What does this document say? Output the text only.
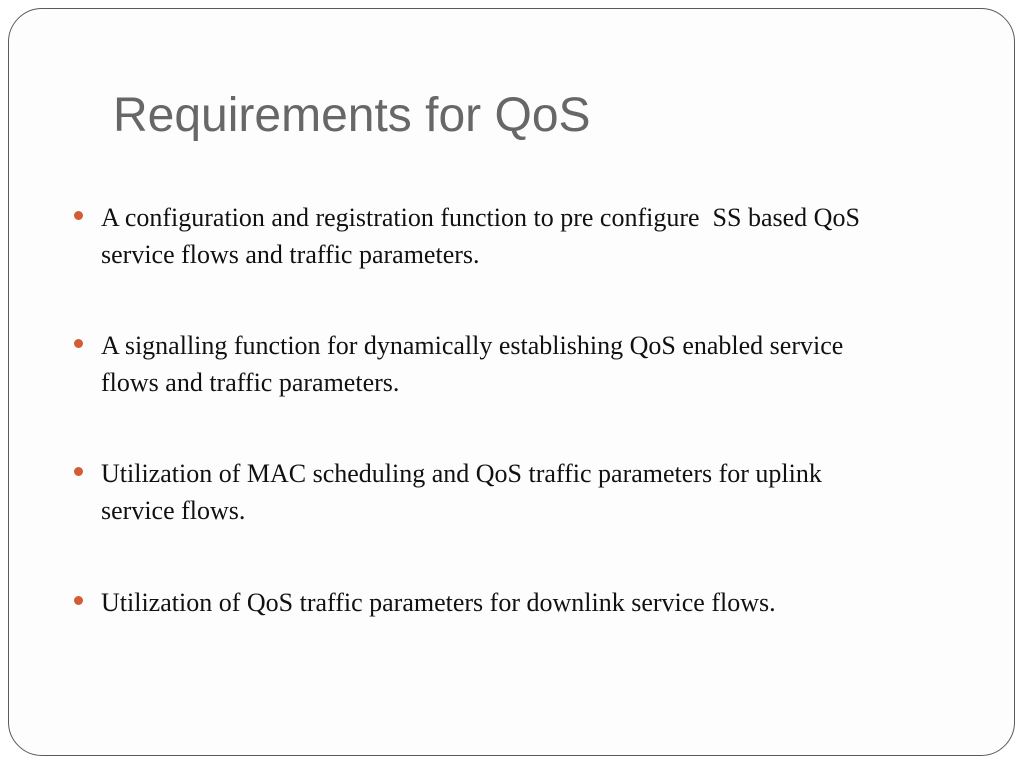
Requirements for QoS
A configuration and registration function to pre configure  SS based QoS service flows and traffic parameters.
A signalling function for dynamically establishing QoS enabled service flows and traffic parameters.
Utilization of MAC scheduling and QoS traffic parameters for uplink service flows.
Utilization of QoS traffic parameters for downlink service flows.
